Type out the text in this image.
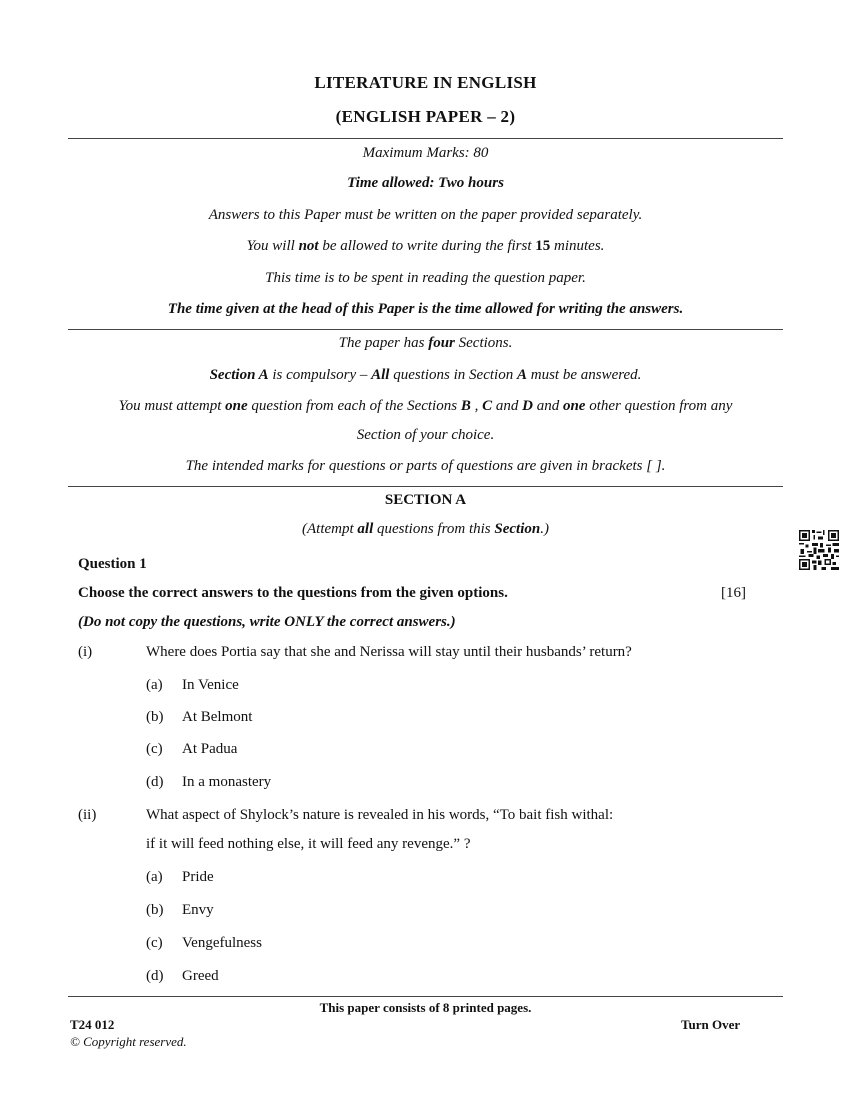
LITERATURE IN ENGLISH
(ENGLISH PAPER – 2)
Maximum Marks: 80
Time allowed: Two hours
Answers to this Paper must be written on the paper provided separately.
You will not be allowed to write during the first 15 minutes.
This time is to be spent in reading the question paper.
The time given at the head of this Paper is the time allowed for writing the answers.
The paper has four Sections.
Section A is compulsory – All questions in Section A must be answered.
You must attempt one question from each of the Sections B , C and D and one other question from any
Section of your choice.
The intended marks for questions or parts of questions are given in brackets [ ].
SECTION A
(Attempt all questions from this Section.)
Question 1
Choose the correct answers to the questions from the given options.	[16]
(Do not copy the questions, write ONLY the correct answers.)
(i)	Where does Portia say that she and Nerissa will stay until their husbands’ return?
(a) In Venice
(b) At Belmont
(c) At Padua
(d) In a monastery
(ii)	What aspect of Shylock’s nature is revealed in his words, “To bait fish withal:
if it will feed nothing else, it will feed any revenge.” ?
(a) Pride
(b) Envy
(c) Vengefulness
(d) Greed
This paper consists of 8 printed pages.
T24 012	Turn Over
© Copyright reserved.
